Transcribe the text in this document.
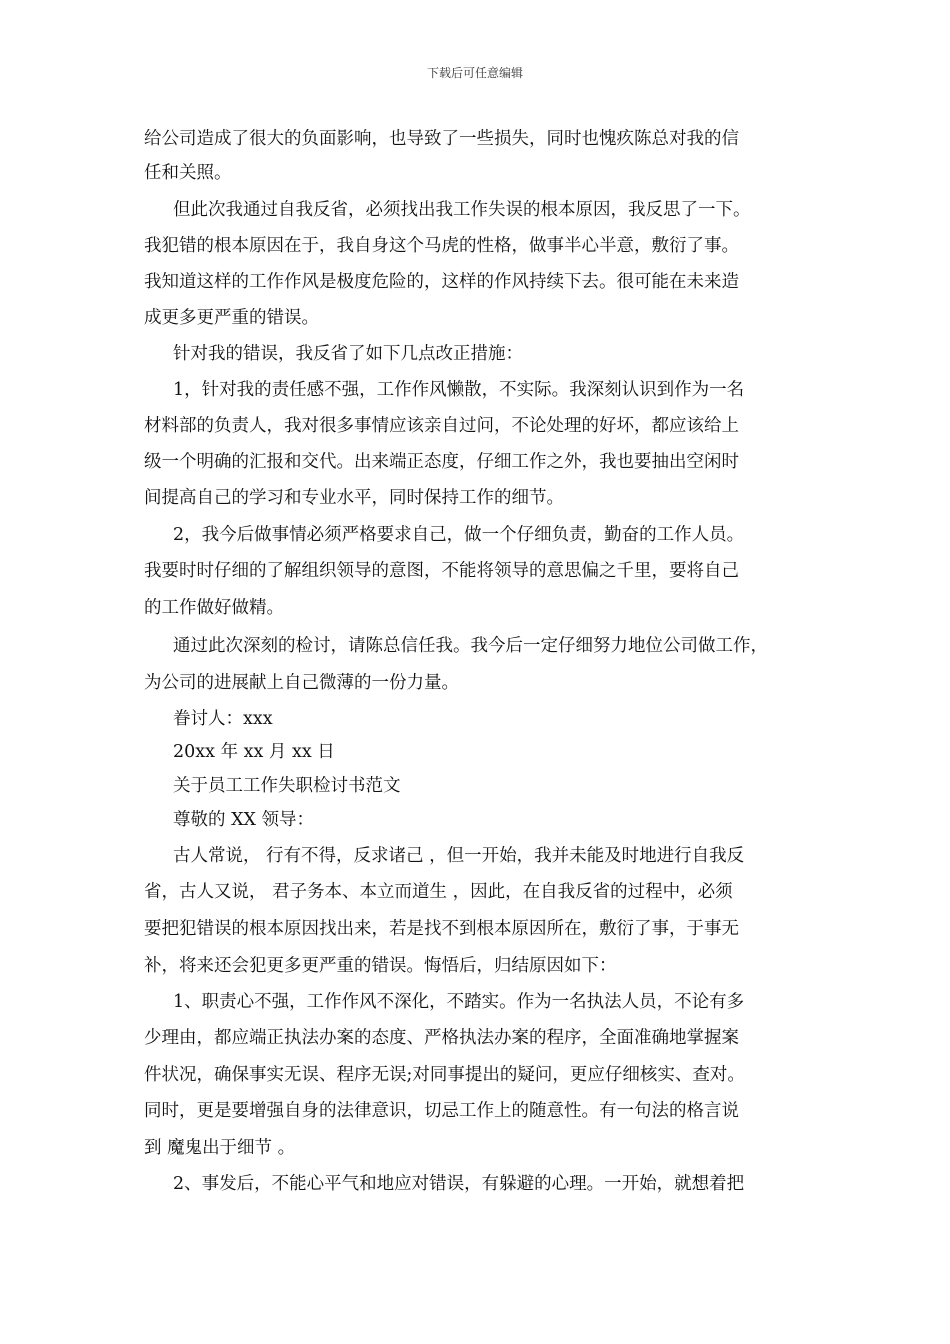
下载后可任意编辑
给公司造成了很大的负面影响，也导致了一些损失，同时也愧疚陈总对我的信
任和关照。
但此次我通过自我反省，必须找出我工作失误的根本原因，我反思了一下。
我犯错的根本原因在于，我自身这个马虎的性格，做事半心半意，敷衍了事。
我知道这样的工作作风是极度危险的，这样的作风持续下去。很可能在未来造
成更多更严重的错误。
针对我的错误，我反省了如下几点改正措施：
1，针对我的责任感不强，工作作风懒散，不实际。我深刻认识到作为一名
材料部的负责人，我对很多事情应该亲自过问，不论处理的好坏，都应该给上
级一个明确的汇报和交代。出来端正态度，仔细工作之外，我也要抽出空闲时
间提高自己的学习和专业水平，同时保持工作的细节。
2，我今后做事情必须严格要求自己，做一个仔细负责，勤奋的工作人员。
我要时时仔细的了解组织领导的意图，不能将领导的意思偏之千里，要将自己
的工作做好做精。
通过此次深刻的检讨，请陈总信任我。我今后一定仔细努力地位公司做工作，
为公司的进展献上自己微薄的一份力量。
眷讨人：xxx
20xx 年 xx 月 xx 日
关于员工工作失职检讨书范文
尊敬的 XX 领导：
古人常说， 行有不得，反求诸己 ，但一开始，我并未能及时地进行自我反
省，古人又说， 君子务本、本立而道生 ，因此，在自我反省的过程中，必须
要把犯错误的根本原因找出来，若是找不到根本原因所在，敷衍了事，于事无
补，将来还会犯更多更严重的错误。悔悟后，归结原因如下：
1、职责心不强，工作作风不深化，不踏实。作为一名执法人员，不论有多
少理由，都应端正执法办案的态度、严格执法办案的程序，全面准确地掌握案
件状况，确保事实无误、程序无误;对同事提出的疑问，更应仔细核实、查对。
同时，更是要增强自身的法律意识，切忌工作上的随意性。有一句法的格言说
到 魔鬼出于细节 。
2、事发后，不能心平气和地应对错误，有躲避的心理。一开始，就想着把
